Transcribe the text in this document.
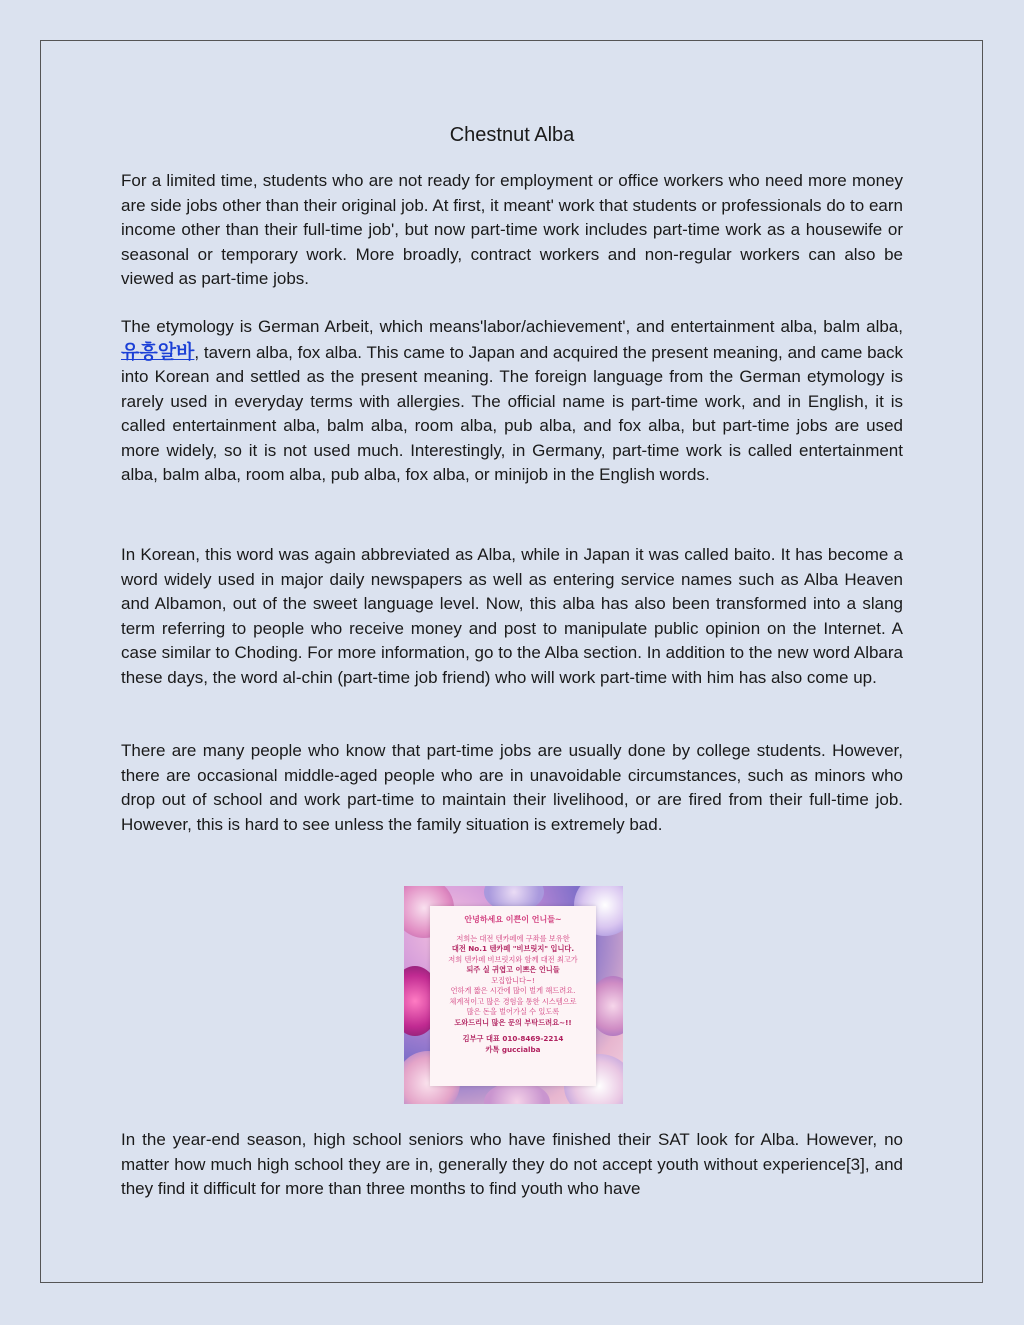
Chestnut Alba

For a limited time, students who are not ready for employment or office workers who need more money are side jobs other than their original job. At first, it meant' work that students or professionals do to earn income other than their full-time job', but now part-time work includes part-time work as a housewife or seasonal or temporary work. More broadly, contract workers and non-regular workers can also be viewed as part-time jobs.

The etymology is German Arbeit, which means'labor/achievement', and entertainment alba, balm alba, 유흥알바, tavern alba, fox alba. This came to Japan and acquired the present meaning, and came back into Korean and settled as the present meaning. The foreign language from the German etymology is rarely used in everyday terms with allergies. The official name is part-time work, and in English, it is called entertainment alba, balm alba, room alba, pub alba, and fox alba, but part-time jobs are used more widely, so it is not used much. Interestingly, in Germany, part-time work is called entertainment alba, balm alba, room alba, pub alba, fox alba, or minijob in the English words.

In Korean, this word was again abbreviated as Alba, while in Japan it was called baito. It has become a word widely used in major daily newspapers as well as entering service names such as Alba Heaven and Albamon, out of the sweet language level. Now, this alba has also been transformed into a slang term referring to people who receive money and post to manipulate public opinion on the Internet. A case similar to Choding. For more information, go to the Alba section. In addition to the new word Albara these days, the word al-chin (part-time job friend) who will work part-time with him has also come up.

There are many people who know that part-time jobs are usually done by college students. However, there are occasional middle-aged people who are in unavoidable circumstances, such as minors who drop out of school and work part-time to maintain their livelihood, or are fired from their full-time job. However, this is hard to see unless the family situation is extremely bad.

안녕하세요 이쁜이 언니들~
저희는 대전 텐카페에 구좌를 보유한
대전 No.1 텐카페 "비브릿지" 입니다.
저희 텐카페 비브릿지와 함께 대전 최고가
되주 실 귀엽고 이쁘은 언니들
모집합니다~!
언하게 짧은 시간에 많이 벌게 해드려요.
체계적이고 많은 경험을 통한 시스템으로
많은 돈을 벌어가실 수 있도록
도와드리니 많은 문의 부탁드려요~!!
김부구 대표 010-8469-2214
카톡 guccialba

In the year-end season, high school seniors who have finished their SAT look for Alba. However, no matter how much high school they are in, generally they do not accept youth without experience[3], and they find it difficult for more than three months to find youth who have
